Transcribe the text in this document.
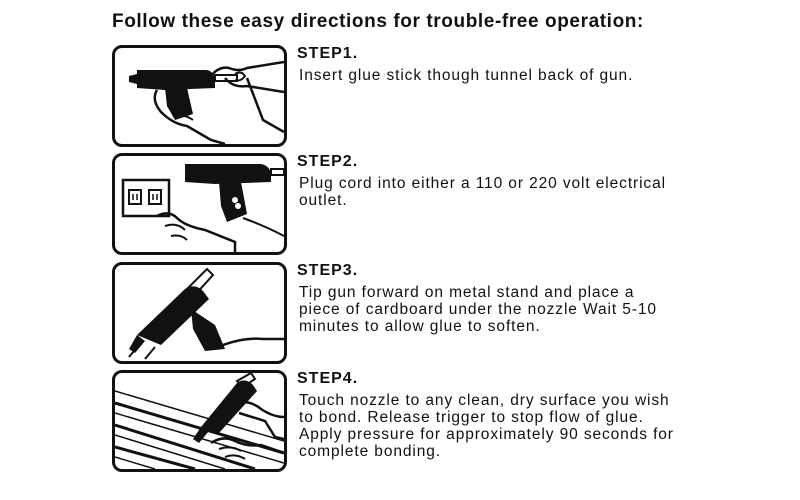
Follow these easy directions for trouble-free operation:
STEP1.
Insert glue stick though tunnel back of gun.
STEP2.
Plug cord into either a 110 or 220 volt electrical outlet.
STEP3.
Tip gun forward on metal stand and place a piece of cardboard under the nozzle Wait 5-10 minutes to allow glue to soften.
STEP4.
Touch nozzle to any clean, dry surface you wish to bond. Release trigger to stop flow of glue. Apply pressure for approximately 90 seconds for complete bonding.
